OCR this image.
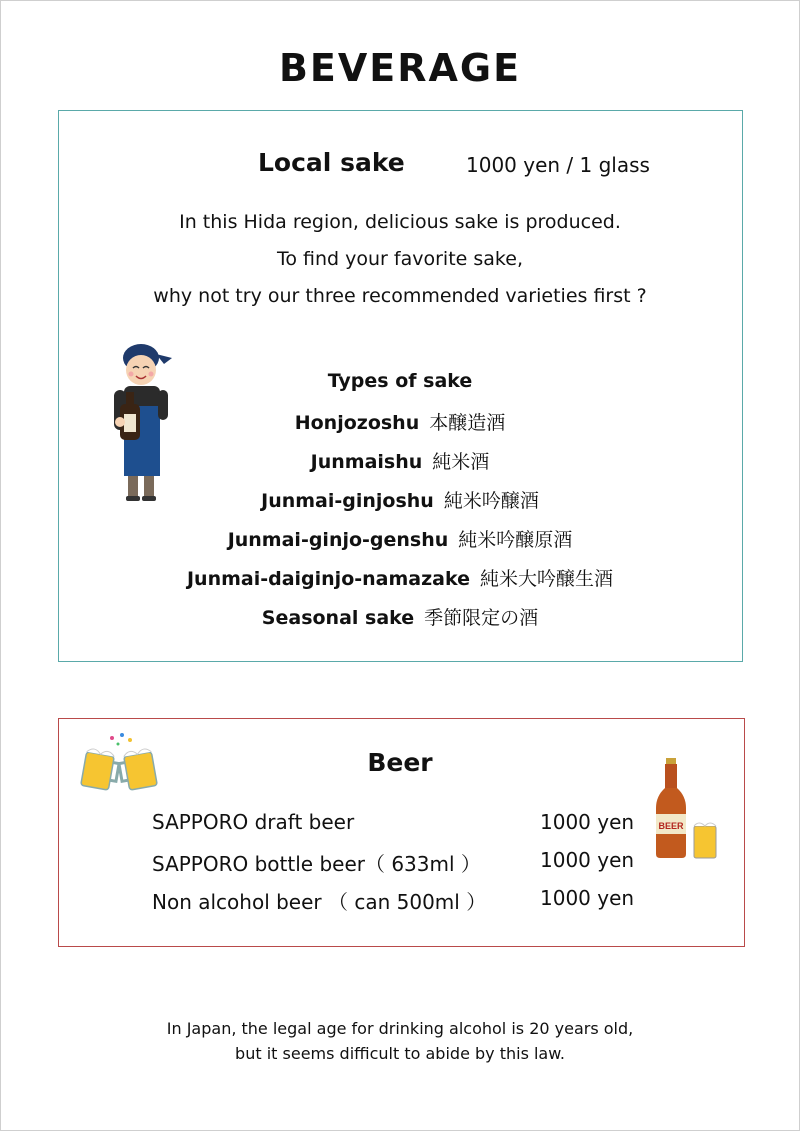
BEVERAGE
Local sake	1000 yen / 1 glass
In this Hida region, delicious sake is produced.
To find your favorite sake,
why not try our three recommended varieties first ?
Types of sake
Honjozoshu 本醸造酒
Junmaishu 純米酒
Junmai-ginjoshu 純米吟醸酒
Junmai-ginjo-genshu 純米吟醸原酒
Junmai-daiginjo-namazake 純米大吟醸生酒
Seasonal sake 季節限定の酒
Beer
SAPPORO draft beer	1000 yen
SAPPORO bottle beer（ 633ml ）	1000 yen
Non alcohol beer （ can 500ml ）	1000 yen
BEER
In Japan, the legal age for drinking alcohol is 20 years old,
but it seems difficult to abide by this law.
